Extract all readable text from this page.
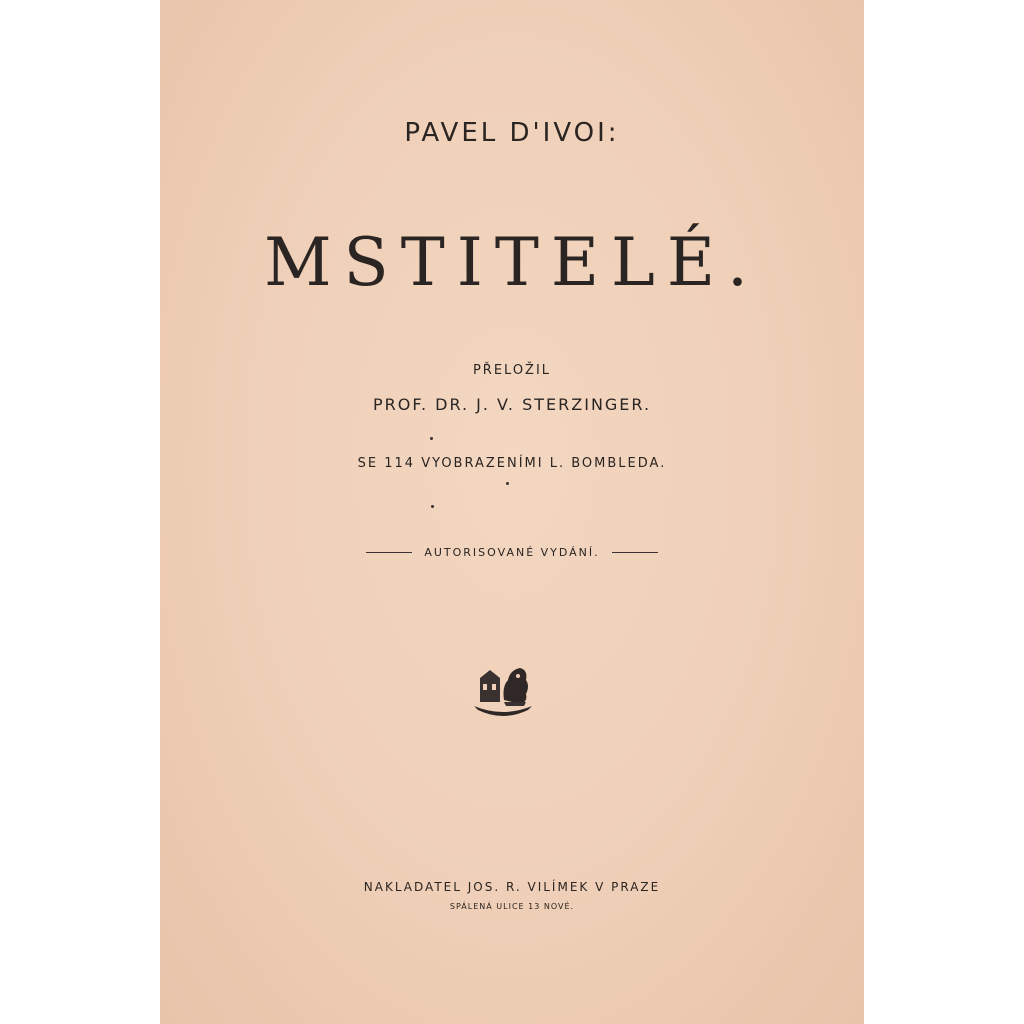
PAVEL D'IVOI:
MSTITELÉ.
PŘELOŽIL
PROF. DR. J. V. STERZINGER.
SE 114 VYOBRAZENÍMI L. BOMBLEDA.
AUTORISOVANÉ VYDÁNÍ.
NAKLADATEL JOS. R. VILÍMEK V PRAZE
SPÁLENÁ ULICE 13 NOVÉ.
